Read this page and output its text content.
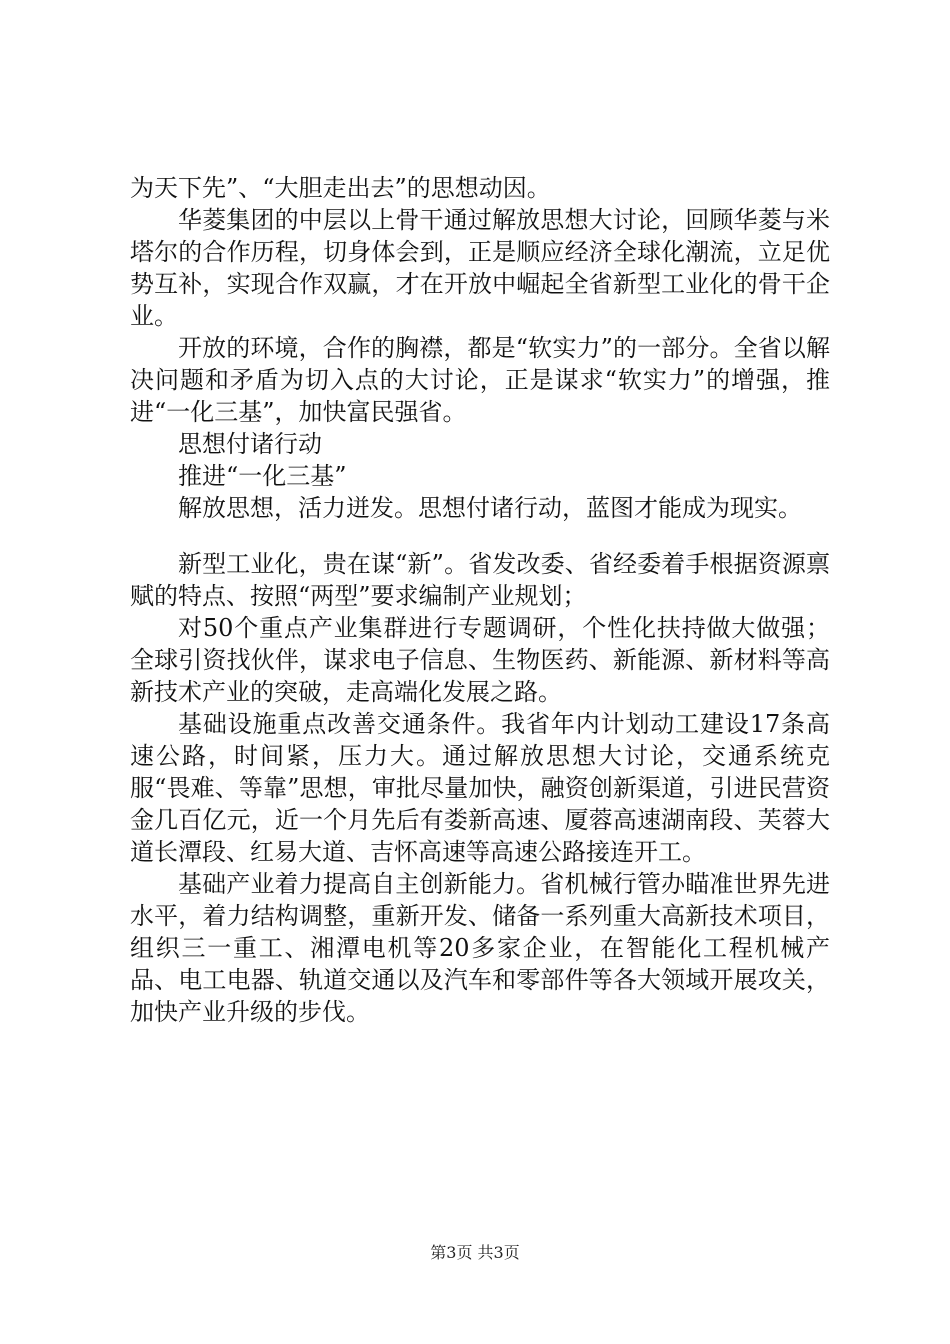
为天下先”、“大胆走出去”的思想动因。

华菱集团的中层以上骨干通过解放思想大讨论，回顾华菱与米塔尔的合作历程，切身体会到，正是顺应经济全球化潮流，立足优势互补，实现合作双赢，才在开放中崛起全省新型工业化的骨干企业。

开放的环境，合作的胸襟，都是“软实力”的一部分。全省以解决问题和矛盾为切入点的大讨论，正是谋求“软实力”的增强，推进“一化三基”，加快富民强省。

思想付诸行动

推进“一化三基”

解放思想，活力迸发。思想付诸行动，蓝图才能成为现实。

新型工业化，贵在谋“新”。省发改委、省经委着手根据资源禀赋的特点、按照“两型”要求编制产业规划；

对50个重点产业集群进行专题调研，个性化扶持做大做强；全球引资找伙伴，谋求电子信息、生物医药、新能源、新材料等高新技术产业的突破，走高端化发展之路。

基础设施重点改善交通条件。我省年内计划动工建设17条高速公路，时间紧，压力大。通过解放思想大讨论，交通系统克服“畏难、等靠”思想，审批尽量加快，融资创新渠道，引进民营资金几百亿元，近一个月先后有娄新高速、厦蓉高速湖南段、芙蓉大道长潭段、红易大道、吉怀高速等高速公路接连开工。

基础产业着力提高自主创新能力。省机械行管办瞄准世界先进水平，着力结构调整，重新开发、储备一系列重大高新技术项目，组织三一重工、湘潭电机等20多家企业，在智能化工程机械产品、电工电器、轨道交通以及汽车和零部件等各大领域开展攻关，加快产业升级的步伐。

第3页 共3页
